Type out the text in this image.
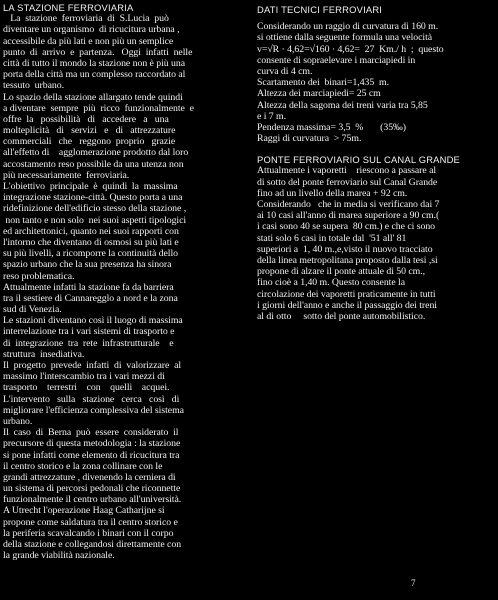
LA STAZIONE FERROVIARIA
La  stazione  ferroviaria  di  S.Lucia  può
diventare un organismo  di ricucitura urbana ,
accessibile da più lati e non più un semplice
punto  di  arrivo  e  partenza.   Oggi  infatti  nelle
città di tutto il mondo la stazione non è più una
porta della città ma un complesso raccordato al
tessuto  urbano.
Lo spazio della stazione allargato tende quindi
a diventare  sempre  più  ricco  funzionalmente  e
offre  la   possibilità   di   accedere   a   una
molteplicità   di   servizi   e   di   attrezzature
commerciali   che   reggono  proprio   grazie
all'effetto di    agglomerazione prodotto dal loro
accostamento reso possibile da una utenza non
più necessariamente  ferroviaria.
L'obiettivo  principale  è  quindi  la  massima
integrazione stazione-città. Questo porta a una
ridefinizione dell'edificio stesso della stazione ,
non tanto e non solo  nei suoi aspetti tipologici
ed architettonici, quanto nei suoi rapporti con
l'intorno che diventano di osmosi su più lati e
su più livelli, a ricomporre la continuità dello
spazio urbano che la sua presenza ha sinora
reso problematica.
Attualmente infatti la stazione fa da barriera
tra il sestiere di Cannaregglo a nord e la zona
sud di Venezia.
Le stazioni diventano così il luogo di massima
interrelazione tra i vari sistemi di trasporto e
di  integrazione  tra  rete  infrastrutturale    e
struttura  insediativa.
Il  progetto  prevede  infatti  di  valorizzare  al
massimo l'interscambio tra i vari mezzi di
trasporto    terrestri    con    quelli    acquei.
L'intervento   sulla   stazione   cerca   così   di
migliorare l'efficienza complessiva del sistema
urbano.
Il  caso  di  Berna  può  essere  considerato  il
precursore di questa metodologia : la stazione
si pone infatti come elemento di ricucitura tra
il centro storico e la zona collinare con le
grandi attrezzature , divenendo la cerniera di
un sistema di percorsi pedonali che riconnette
funzionalmente il centro urbano all'università.
A Utrecht l'operazione Haag Catharijne si
propone come saldatura tra il centro storico e
la periferia scavalcando i binari con il corpo
della stazione e collegandosi direttamente con
la grande viabilità nazionale.
DATI TECNICI FERROVIARI
Considerando un raggio di curvatura di 160 m.
si ottiene dalla seguente formula una velocità
v=√R · 4,62=√160 · 4,62=  27  Km./ h  ;  questo
consente di sopraelevare i marciapiedi in
curva di 4 cm.
Scartamento dei  binari=1,435  m.
Altezza dei marciapiedi= 25 cm
Altezza della sagoma dei treni varia tra 5,85
e i 7 m.
Pendenza massima= 3,5  %       (35‰)
Raggi di curvatura  > 75m.
PONTE FERROVIARIO SUL CANAL GRANDE
Attualmente i vaporetti    riescono a passare al
di sotto del ponte ferroviario sul Canal Grande
fino ad un livello della marea + 92 cm.
Considerando   che in media si verificano dai 7
ai 10 casi all'anno di marea superiore a 90 cm.(
i casi sono 40 se supera  80 cm.) e che ci sono
stati solo 6 casi in totale dal  '51 all' 81
superiori a  1, 40 m.,e,visto il nuovo tracciato
della linea metropolitana proposto dalla tesi ,si
propone di alzare il ponte attuale di 50 cm.,
fino cioè a 1,40 m. Questo consente la
circolazione dei vaporetti praticamente in tutti
i giorni dell'anno e anche il passaggio dei treni
al di otto     sotto del ponte automobilistico.
7
